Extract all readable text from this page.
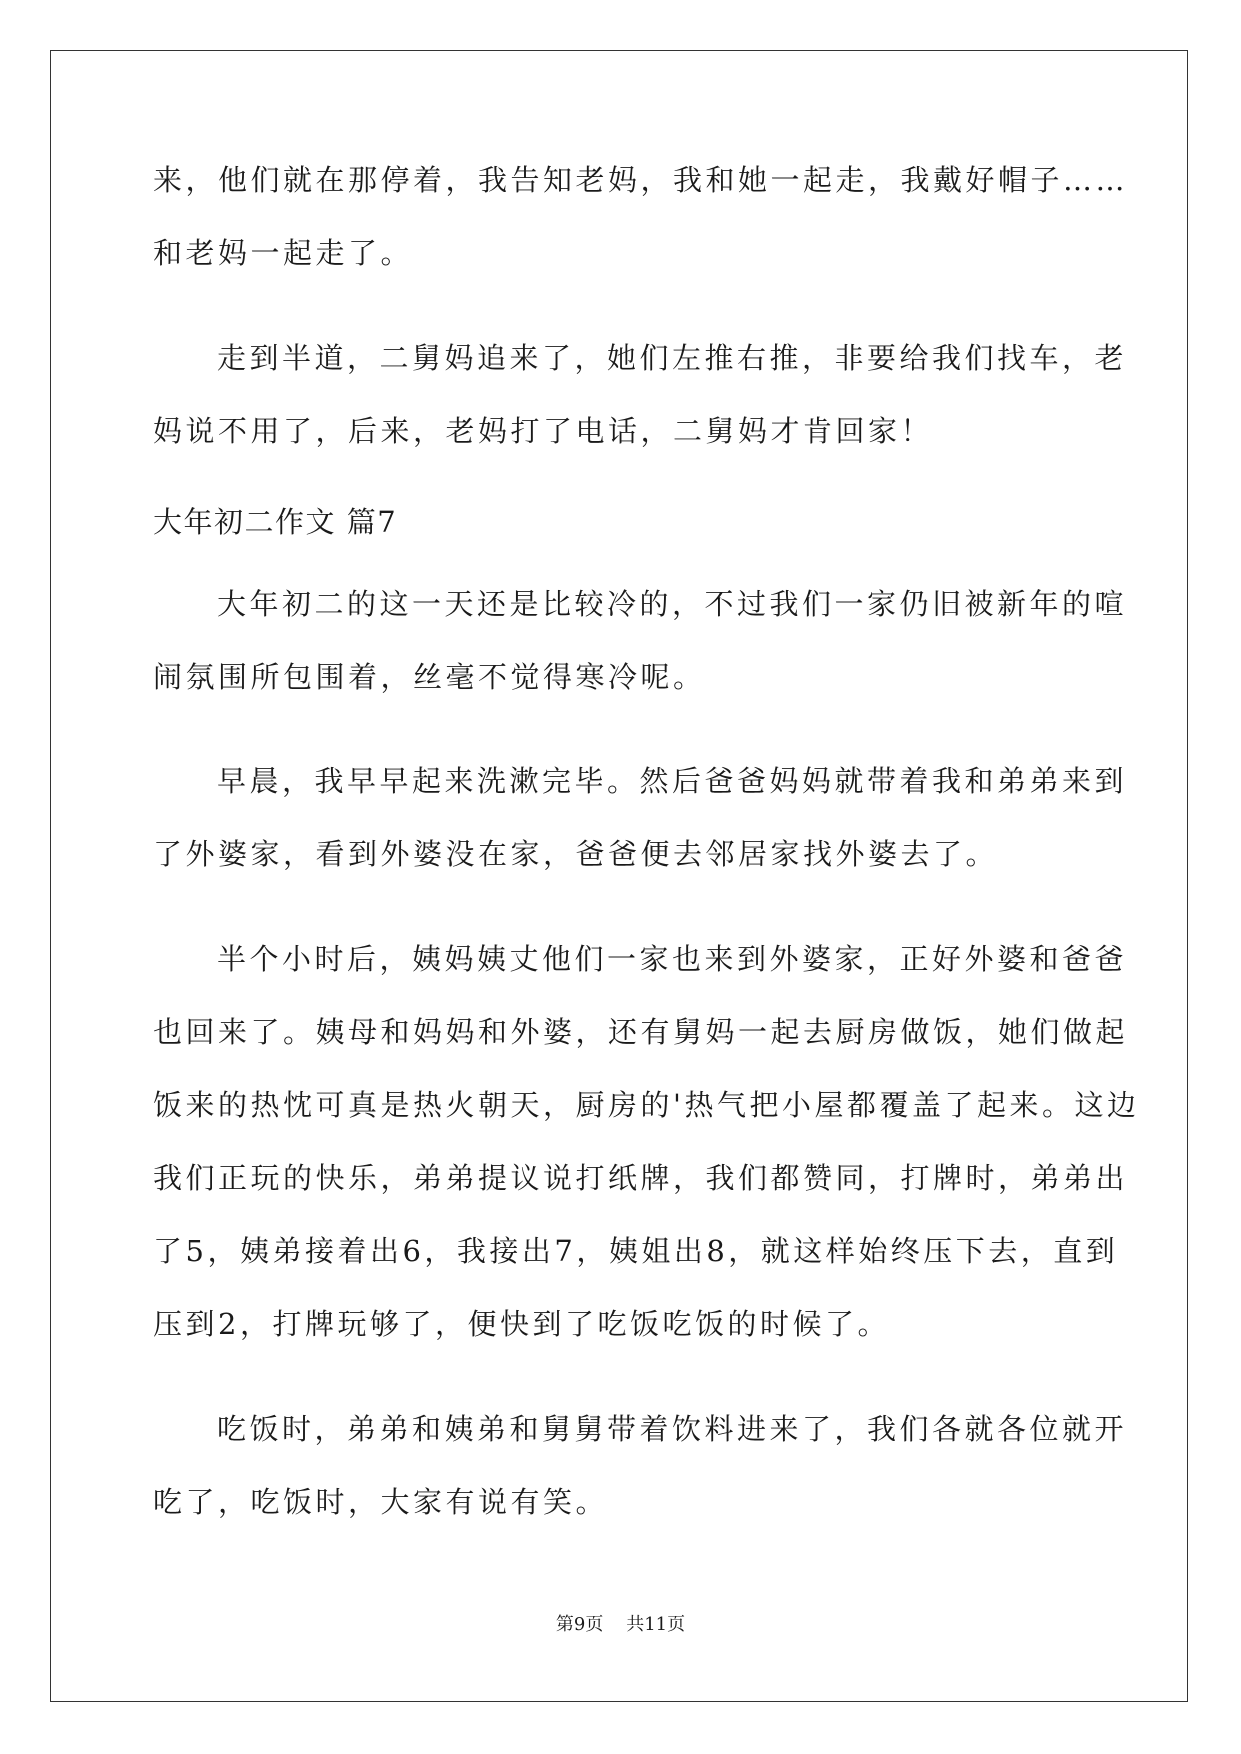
来，他们就在那停着，我告知老妈，我和她一起走，我戴好帽子……
和老妈一起走了。
走到半道，二舅妈追来了，她们左推右推，非要给我们找车，老
妈说不用了，后来，老妈打了电话，二舅妈才肯回家！
大年初二作文 篇7
大年初二的这一天还是比较冷的，不过我们一家仍旧被新年的喧
闹氛围所包围着，丝毫不觉得寒冷呢。
早晨，我早早起来洗漱完毕。然后爸爸妈妈就带着我和弟弟来到
了外婆家，看到外婆没在家，爸爸便去邻居家找外婆去了。
半个小时后，姨妈姨丈他们一家也来到外婆家，正好外婆和爸爸
也回来了。姨母和妈妈和外婆，还有舅妈一起去厨房做饭，她们做起
饭来的热忱可真是热火朝天，厨房的'热气把小屋都覆盖了起来。这边
我们正玩的快乐，弟弟提议说打纸牌，我们都赞同，打牌时，弟弟出
了5，姨弟接着出6，我接出7，姨姐出8，就这样始终压下去，直到
压到2，打牌玩够了，便快到了吃饭吃饭的时候了。
吃饭时，弟弟和姨弟和舅舅带着饮料进来了，我们各就各位就开
吃了，吃饭时，大家有说有笑。
第9页 共11页
